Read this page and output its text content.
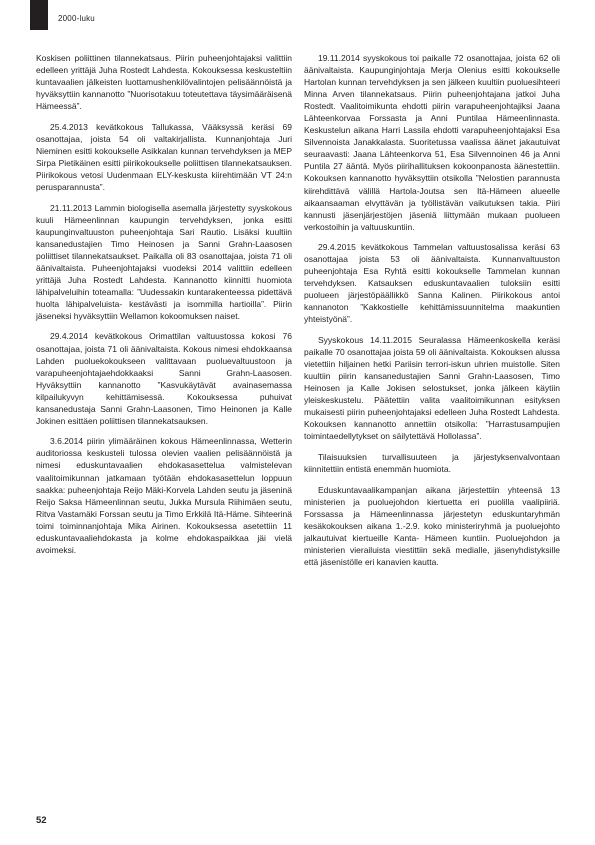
2000-luku

Koskisen poliittinen tilannekatsaus. Piirin puheenjohtajaksi valittiin edelleen yrittäjä Juha Rostedt Lahdesta. Kokouksessa keskusteltiin kuntavaalien jälkeisten luottamushenkilövalintojen pelisäännöistä ja hyväksyttiin kannanotto ”Nuorisotakuu toteutettava täysimääräisenä Hämeessä”.

25.4.2013 kevätkokous Tallukassa, Vääksyssä keräsi 69 osanottajaa, joista 54 oli valtakirjallista. Kunnanjohtaja Juri Nieminen esitti kokoukselle Asikkalan kunnan tervehdyksen ja MEP Sirpa Pietikäinen esitti piirikokoukselle poliittisen tilannekatsauksen. Piirikokous vetosi Uudenmaan ELY-keskusta kiirehtimään VT 24:n perusparannusta”.

21.11.2013 Lammin biologisella asemalla järjestetty syyskokous kuuli Hämeenlinnan kaupungin tervehdyksen, jonka esitti kaupunginvaltuuston puheenjohtaja Sari Rautio. Lisäksi kuultiin kansanedustajien Timo Heinosen ja Sanni Grahn-Laasosen poliittiset tilannekatsaukset. Paikalla oli 83 osanottajaa, joista 71 oli äänivaltaista. Puheenjohtajaksi vuodeksi 2014 valittiin edelleen yrittäjä Juha Rostedt Lahdesta. Kannanotto kiinnitti huomiota lähipalveluihin toteamalla: ”Uudessakin kuntarakenteessa pidettävä huolta lähipalveluista- kestävästi ja isommilla hartioilla”. Piirin jäseneksi hyväksyttiin Wellamon kokoomuksen naiset.

29.4.2014 kevätkokous Orimattilan valtuustossa kokosi 76 osanottajaa, joista 71 oli äänivaltaista. Kokous nimesi ehdokkaansa Lahden puoluekokoukseen valittavaan puoluevaltuustoon ja varapuheenjohtajaehdokkaaksi Sanni Grahn-Laasosen. Hyväksyttiin kannanotto ”Kasvukäytävät avainasemassa kilpailukyvyn kehittämisessä. Kokouksessa puhuivat kansanedustaja Sanni Grahn-Laasonen, Timo Heinonen ja Kalle Jokinen esittäen poliittisen tilannekatsauksen.

3.6.2014 piirin ylimääräinen kokous Hämeenlinnassa, Wetterin auditoriossa keskusteli tulossa olevien vaalien pelisäännöistä ja nimesi eduskuntavaalien ehdokasasettelua valmistelevan vaalitoimikunnan jatkamaan työtään ehdokasasettelun loppuun saakka: puheenjohtaja Reijo Mäki-Korvela Lahden seutu ja jäseninä Reijo Saksa Hämeenlinnan seutu, Jukka Mursula Riihimäen seutu, Ritva Vastamäki Forssan seutu ja Timo Erkkilä Itä-Häme. Sihteerinä toimi toiminnanjohtaja Mika Airinen. Kokouksessa asetettiin 11 eduskuntavaaliehdokasta ja kolme ehdokaspaikkaa jäi vielä avoimeksi.

19.11.2014 syyskokous toi paikalle 72 osanottajaa, joista 62 oli äänivaltaista. Kaupunginjohtaja Merja Olenius esitti kokoukselle Hartolan kunnan tervehdyksen ja sen jälkeen kuultiin puoluesihteeri Minna Arven tilannekatsaus. Piirin puheenjohtajana jatkoi Juha Rostedt. Vaalitoimikunta ehdotti piirin varapuheenjohtajiksi Jaana Lähteenkorvaa Forssasta ja Anni Puntilaa Hämeenlinnasta. Keskustelun aikana Harri Lassila ehdotti varapuheenjohtajaksi Esa Silvennoista Janakkalasta. Suoritetussa vaalissa äänet jakautuivat seuraavasti: Jaana Lähteenkorva 51, Esa Silvennoinen 46 ja Anni Puntila 27 ääntä. Myös piirihallituksen kokoonpanosta äänestettiin. Kokouksen kannanotto hyväksyttiin otsikolla ”Nelostien parannusta kiirehdittävä välillä Hartola-Joutsa sen Itä-Hämeen alueelle aikaansaaman elvyttävän ja työllistävän vaikutuksen takia. Piiri kannusti jäsenjärjestöjen jäseniä liittymään mukaan puolueen verkostoihin ja valtuuskuntiin.

29.4.2015 kevätkokous Tammelan valtuustosalissa keräsi 63 osanottajaa joista 53 oli äänivaltaista. Kunnanvaltuuston puheenjohtaja Esa Ryhtä esitti kokoukselle Tammelan kunnan tervehdyksen. Katsauksen eduskuntavaalien tuloksiin esitti puolueen järjestöpäällikkö Sanna Kalinen. Piirikokous antoi kannanoton ”Kakkostielle kehittämissuunnitelma maakuntien yhteistyönä”.

Syyskokous 14.11.2015 Seuralassa Hämeenkoskella keräsi paikalle 70 osanottajaa joista 59 oli äänivaltaista. Kokouksen alussa vietettiin hiljainen hetki Pariisin terrori-iskun uhrien muistolle. Siten kuultiin piirin kansanedustajien Sanni Grahn-Laasosen, Timo Heinosen ja Kalle Jokisen selostukset, jonka jälkeen käytiin yleiskeskustelu. Päätettiin valita vaalitoimikunnan esityksen mukaisesti piirin puheenjohtajaksi edelleen Juha Rostedt Lahdesta. Kokouksen kannanotto annettiin otsikolla: ”Harrastusampujien toimintaedellytykset on säilytettävä Hollolassa”.

Tilaisuuksien turvallisuuteen ja järjestyksenvalvontaan kiinnitettiin entistä enemmän huomiota.

Eduskuntavaalikampanjan aikana järjestettiin yhteensä 13 ministerien ja puoluejohdon kiertuetta eri puolilla vaalipiiriä. Forssassa ja Hämeenlinnassa järjestetyn eduskuntaryhmän kesäkokouksen aikana 1.-2.9. koko ministeriryhmä ja puoluejohto jalkautuivat kiertueille Kanta- Hämeen kuntiin. Puoluejohdon ja ministerien vierailuista viestittiin sekä medialle, jäsenyhdistyksille että jäsenistölle eri kanavien kautta.

52
